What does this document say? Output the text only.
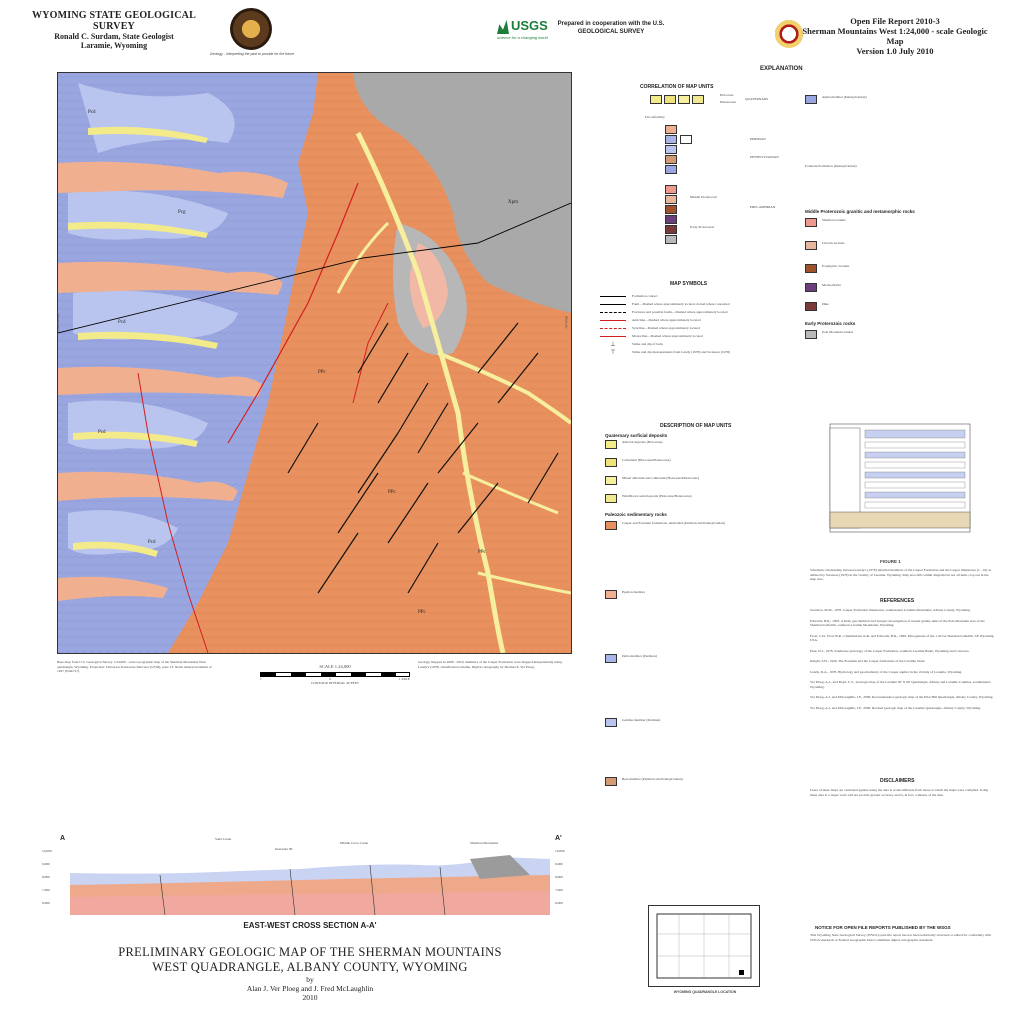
WYOMING STATE GEOLOGICAL SURVEY
Ronald C. Surdam, State Geologist
Laramie, Wyoming
Geology - Interpreting the past to provide for the future
USGS
science for a changing world
Prepared in cooperation with the U.S. GEOLOGICAL SURVEY
Open File Report 2010-3
Sherman Mountains West 1:24,000 - scale Geologic Map
Version 1.0 July 2010
Pcd
Pcg
Pcd
Pcd
Pcd
PPc
PPc
Xpm
PPc
PPc
(Ben Holm)	(Buford)
Base map from U.S. Geological Survey 1:24,000 - scale topographic map of the Sherman Mountains West quadrangle, Wyoming. Projection: Universal Transverse Mercator (UTM), zone 13. North American Datum of 1927 (NAD 27).
SCALE 1:24,000
1	0	1 MILE
CONTOUR INTERVAL 40 FEET
Geology mapped in 2008 - 2010; members of the Casper Formation were mapped independently using Lundy's (1978) classification scheme. Digital cartography by Thomas E. Ver Ploeg.
A	A'
Sand Creek
Middle Crow Creek	Sherman Mountains
Interstate 80
10,000
9,000
8,000
7,000
6,000
10,000
9,000
8,000
7,000
6,000
EAST-WEST CROSS SECTION A-A'
PRELIMINARY GEOLOGIC MAP OF THE SHERMAN MOUNTAINS
WEST QUADRANGLE, ALBANY COUNTY, WYOMING
by
Alan J. Ver Ploeg and J. Fred McLaughlin
2010
EXPLANATION
CORRELATION OF MAP UNITS
QUATERNARY
Holocene
Pleistocene
Unconformity
PERMIAN
PENNSYLVANIAN
PRECAMBRIAN
Middle Proterozoic
Early Proterozoic
MAP SYMBOLS
Formation contact
Fault—Dashed where approximately located, dotted where concealed
Fractures and possible faults—Dashed where approximately located
Anticline—Dashed where approximately located
Syncline—Dashed where approximately located
Monocline—Dashed where approximately located
⊥	Strike and dip of beds
⊤	Strike and dip measurements from Lundy (1978) and Swanson (1978)
DESCRIPTION OF MAP UNITS
Quaternary surficial deposits
Alluvial deposits (Holocene)
Colluvium (Holocene/Pleistocene)
Mixed alluvium and colluvium (Holocene/Pleistocene)
Windblown sand deposits (Holocene/Pleistocene)
Paleozoic sedimentary rocks
Casper and Fountain formations, undivided (Permian and Pennsylvanian)
Epsilon member
Delta member (Permian)
Gamma member (Permian)
Beta member (Permian and Pennsylvanian)
WYOMING QUADRANGLE LOCATION
Alpha member (Pennsylvanian)
Fountain Formation (Pennsylvanian)
Middle Proterozoic granitic and metamorphic rocks
Sherman Granite
Lincoln Granite
Porphyritic Granite
Monzodiorite
Dike
Early Proterozoic rocks
Pole Mountain Gneiss
FIGURE 1
Schematic relationship between Lundy's (1978) informal members of the Casper Formation and the Casper limestones (1 - 10) as defined by Swanson (1978) in the vicinity of Laramie, Wyoming. Map area falls within diagram but not all units crop out in the map area.
REFERENCES
Swanson, M.M., 1978, Casper Formation limestones, southeastern Laramie Mountains, Albany County, Wyoming.
Edwards, B.R., 1993, A field, geochemical and isotopic investigation of nested granite units of the Pole Mountain area of the Sherman batholith, southern Laramie Mountains, Wyoming.
Frost, C.D., Frost B.R., Chamberlain, K.R. and Edwards, B.R., 1999, Petrogenesis of the 1.43 Ga Sherman batholith, SE Wyoming, USA.
Eleu, D.J., 1978, Sandstone petrology of the Casper Formation, southern Laramie Basin, Wyoming and Colorado.
Knight, S.H., 1929, The Fountain and the Casper formations of the Laramie basin.
Lundy, D.A., 1978, Hydrology and geochemistry of the Casper aquifer in the vicinity of Laramie, Wyoming.
Ver Ploeg, A.J., and Boyd, C.S., Geologic map of the Laramie 30' X 60' Quadrangle, Albany and Laramie Counties, southeastern Wyoming.
Ver Ploeg, A.J. and McLaughlin, J.F., 2009, Reconnaissance geologic map of the Pilot Hill Quadrangle, Albany County, Wyoming.
Ver Ploeg, A.J. and McLaughlin, J.F., 2009, Revised geologic map of the Laramie Quadrangle, Albany County, Wyoming.
DISCLAIMERS
Users of these maps are cautioned against using the data at scales different from those at which the maps were compiled. Using these data at a larger scale will not provide greater accuracy and is, in fact, a misuse of the data.
NOTICE FOR OPEN FILE REPORTS PUBLISHED BY THE WSGS
This Wyoming State Geological Survey (WSGS) open file report has not been technically reviewed or edited for conformity with WSGS standards or Federal Geographic Data Committee digital cartographic standards.
